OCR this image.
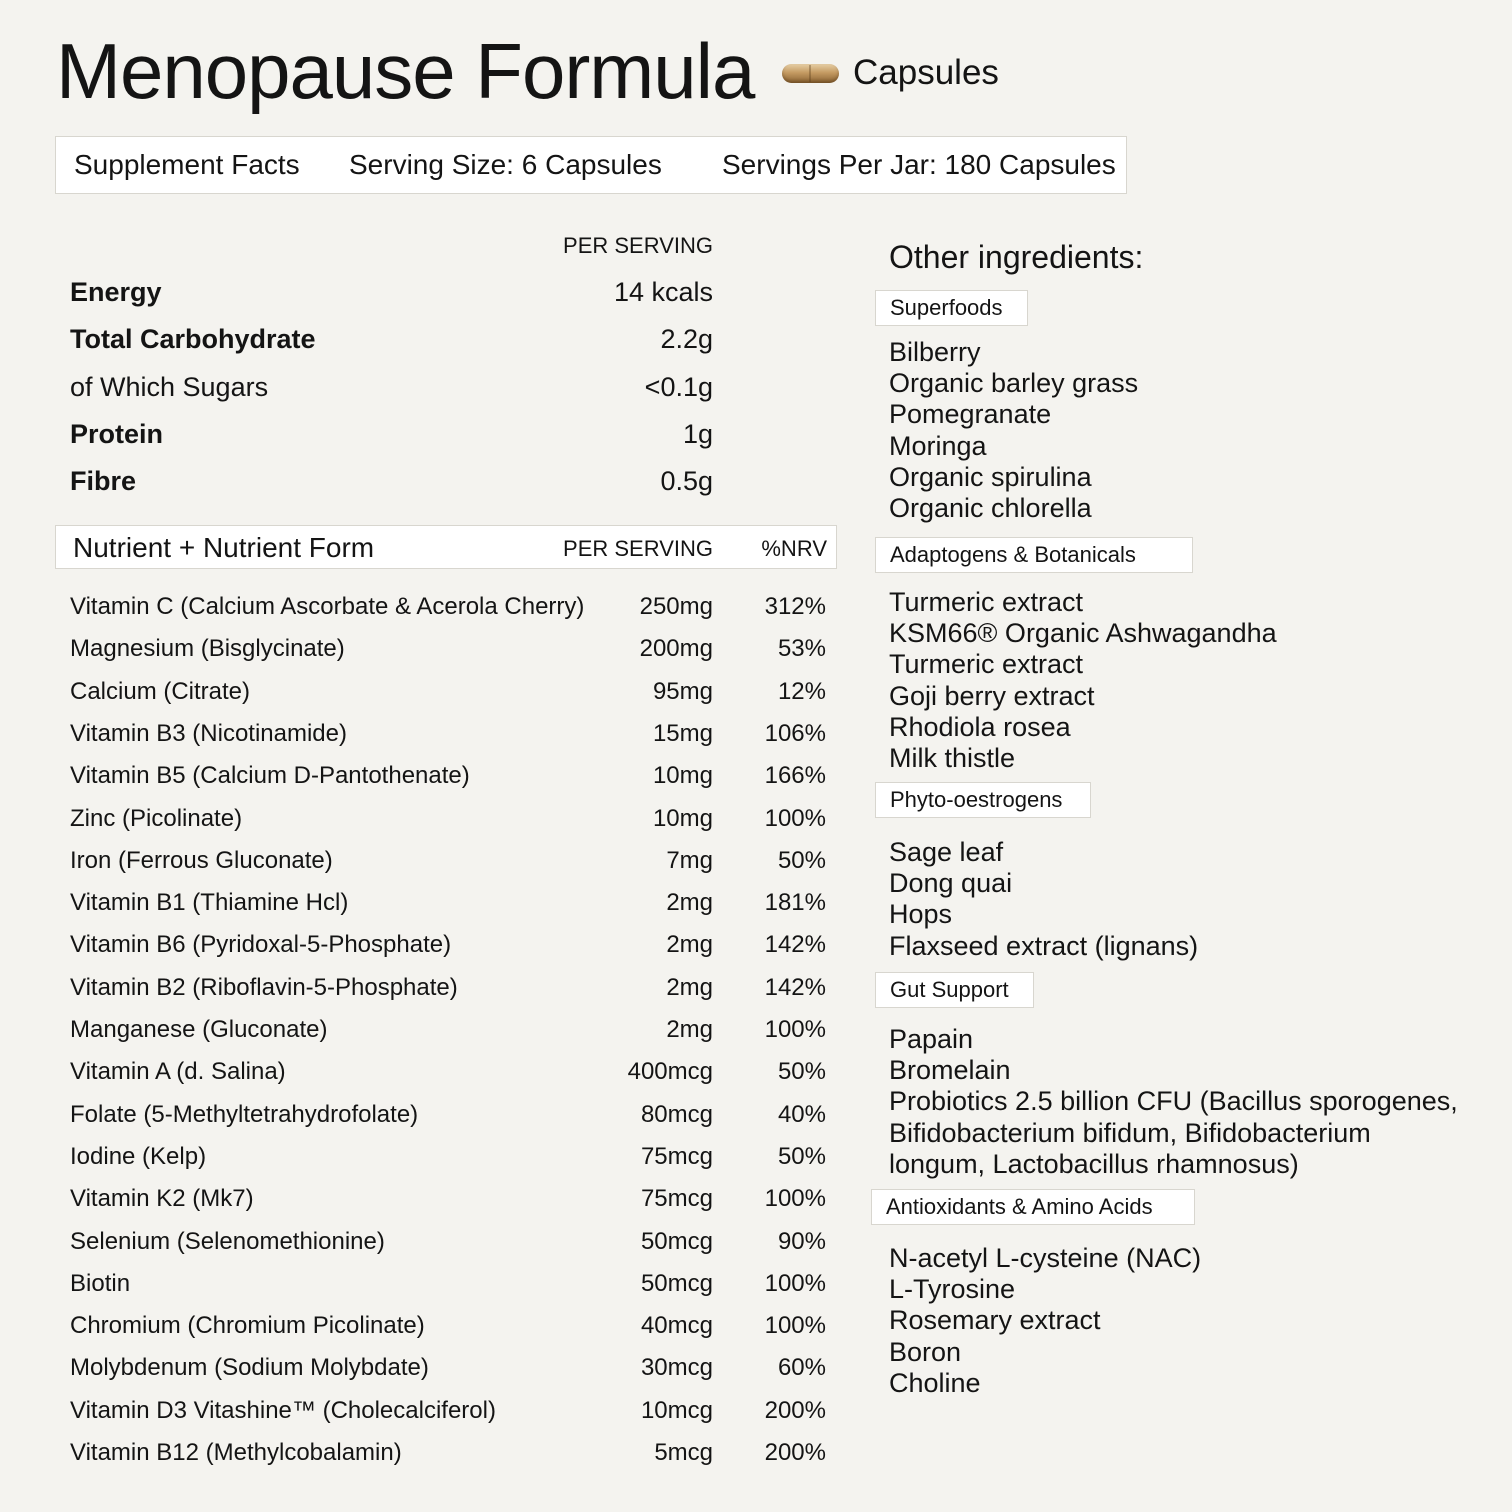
Menopause Formula	Capsules
Supplement Facts Serving Size: 6 Capsules Servings Per Jar: 180 Capsules
PER SERVING
Energy	14 kcals
Total Carbohydrate	2.2g
of Which Sugars	<0.1g
Protein	1g
Fibre	0.5g
Nutrient + Nutrient Form	PER SERVING %NRV
Vitamin C (Calcium Ascorbate & Acerola Cherry) 250mg 312%
Magnesium (Bisglycinate)	200mg	53%
Calcium (Citrate)	95mg	12%
Vitamin B3 (Nicotinamide)	15mg 106%
Vitamin B5 (Calcium D-Pantothenate)	10mg 166%
Zinc (Picolinate)	10mg 100%
Iron (Ferrous Gluconate)	7mg	50%
Vitamin B1 (Thiamine Hcl)	2mg 181%
Vitamin B6 (Pyridoxal-5-Phosphate)	2mg 142%
Vitamin B2 (Riboflavin-5-Phosphate)	2mg 142%
Manganese (Gluconate)	2mg 100%
Vitamin A (d. Salina)	400mcg	50%
Folate (5-Methyltetrahydrofolate)	80mcg	40%
Iodine (Kelp)	75mcg	50%
Vitamin K2 (Mk7)	75mcg 100%
Selenium (Selenomethionine)	50mcg	90%
Biotin	50mcg 100%
Chromium (Chromium Picolinate)	40mcg 100%
Molybdenum (Sodium Molybdate)	30mcg	60%
Vitamin D3 Vitashine™ (Cholecalciferol)	10mcg 200%
Vitamin B12 (Methylcobalamin)	5mcg 200%
Other ingredients:
Superfoods
Bilberry
Organic barley grass
Pomegranate
Moringa
Organic spirulina
Organic chlorella
Adaptogens & Botanicals
Turmeric extract
KSM66® Organic Ashwagandha
Turmeric extract
Goji berry extract
Rhodiola rosea
Milk thistle
Phyto-oestrogens
Sage leaf
Dong quai
Hops
Flaxseed extract (lignans)
Gut Support
Papain
Bromelain
Probiotics 2.5 billion CFU (Bacillus sporogenes,
Bifidobacterium bifidum, Bifidobacterium
longum, Lactobacillus rhamnosus)
Antioxidants & Amino Acids
N-acetyl L-cysteine (NAC)
L-Tyrosine
Rosemary extract
Boron
Choline
